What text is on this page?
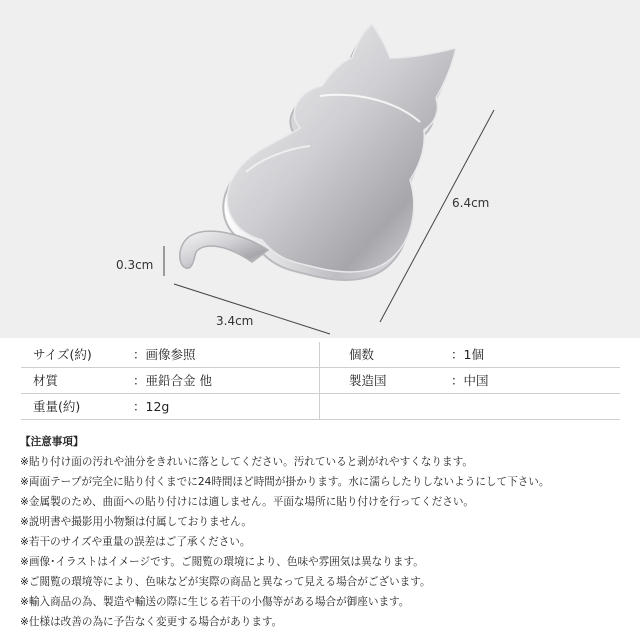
6.4cm
3.4cm
0.3cm
サイズ(約)	：画像参照	個数	：1個
材質	：亜鉛合金 他	製造国	：中国
重量(約)	：12g
【注意事項】
※貼り付け面の汚れや油分をきれいに落としてください。汚れていると剥がれやすくなります。
※両面テープが完全に貼り付くまでに24時間ほど時間が掛かります。水に濡らしたりしないようにして下さい。
※金属製のため、曲面への貼り付けには適しません。平面な場所に貼り付けを行ってください。
※説明書や撮影用小物類は付属しておりません。
※若干のサイズや重量の誤差はご了承ください。
※画像･イラストはイメージです。ご閲覧の環境により、色味や雰囲気は異なります。
※ご閲覧の環境等により、色味などが実際の商品と異なって見える場合がございます。
※輸入商品の為、製造や輸送の際に生じる若干の小傷等がある場合が御座います。
※仕様は改善の為に予告なく変更する場合があります。
